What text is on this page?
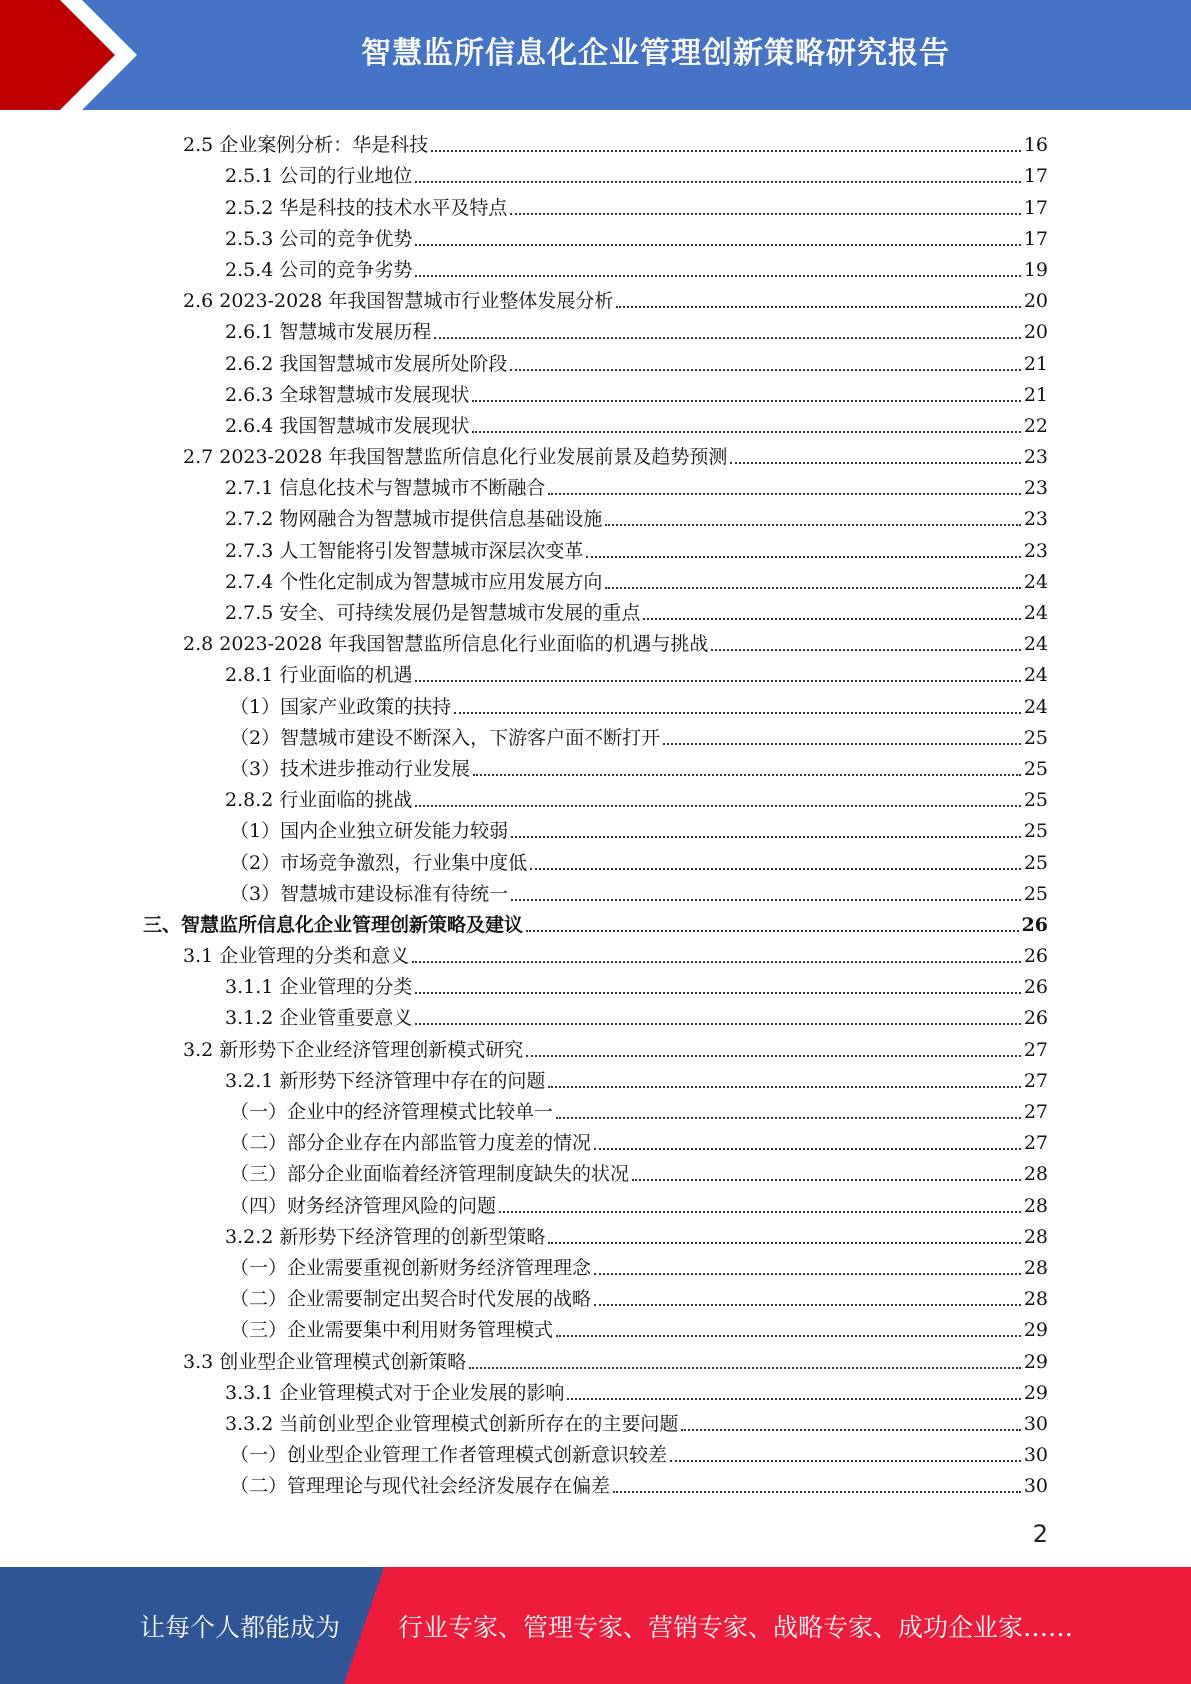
智慧监所信息化企业管理创新策略研究报告
2.5 企业案例分析：华是科技	16
2.5.1 公司的行业地位	17
2.5.2 华是科技的技术水平及特点	17
2.5.3 公司的竞争优势	17
2.5.4 公司的竞争劣势	19
2.6 2023-2028 年我国智慧城市行业整体发展分析	20
2.6.1 智慧城市发展历程	20
2.6.2 我国智慧城市发展所处阶段	21
2.6.3 全球智慧城市发展现状	21
2.6.4 我国智慧城市发展现状	22
2.7 2023-2028 年我国智慧监所信息化行业发展前景及趋势预测	23
2.7.1 信息化技术与智慧城市不断融合	23
2.7.2 物网融合为智慧城市提供信息基础设施	23
2.7.3 人工智能将引发智慧城市深层次变革	23
2.7.4 个性化定制成为智慧城市应用发展方向	24
2.7.5 安全、可持续发展仍是智慧城市发展的重点	24
2.8 2023-2028 年我国智慧监所信息化行业面临的机遇与挑战	24
2.8.1 行业面临的机遇	24
（1）国家产业政策的扶持	24
（2）智慧城市建设不断深入，下游客户面不断打开	25
（3）技术进步推动行业发展	25
2.8.2 行业面临的挑战	25
（1）国内企业独立研发能力较弱	25
（2）市场竞争激烈，行业集中度低	25
（3）智慧城市建设标准有待统一	25
三、智慧监所信息化企业管理创新策略及建议	26
3.1 企业管理的分类和意义	26
3.1.1 企业管理的分类	26
3.1.2 企业管重要意义	26
3.2 新形势下企业经济管理创新模式研究	27
3.2.1 新形势下经济管理中存在的问题	27
（一）企业中的经济管理模式比较单一	27
（二）部分企业存在内部监管力度差的情况	27
（三）部分企业面临着经济管理制度缺失的状况	28
（四）财务经济管理风险的问题	28
3.2.2 新形势下经济管理的创新型策略	28
（一）企业需要重视创新财务经济管理理念	28
（二）企业需要制定出契合时代发展的战略	28
（三）企业需要集中利用财务管理模式	29
3.3 创业型企业管理模式创新策略	29
3.3.1 企业管理模式对于企业发展的影响	29
3.3.2 当前创业型企业管理模式创新所存在的主要问题	30
（一）创业型企业管理工作者管理模式创新意识较差	30
（二）管理理论与现代社会经济发展存在偏差	30
2
让每个人都能成为	行业专家、管理专家、营销专家、战略专家、成功企业家……
